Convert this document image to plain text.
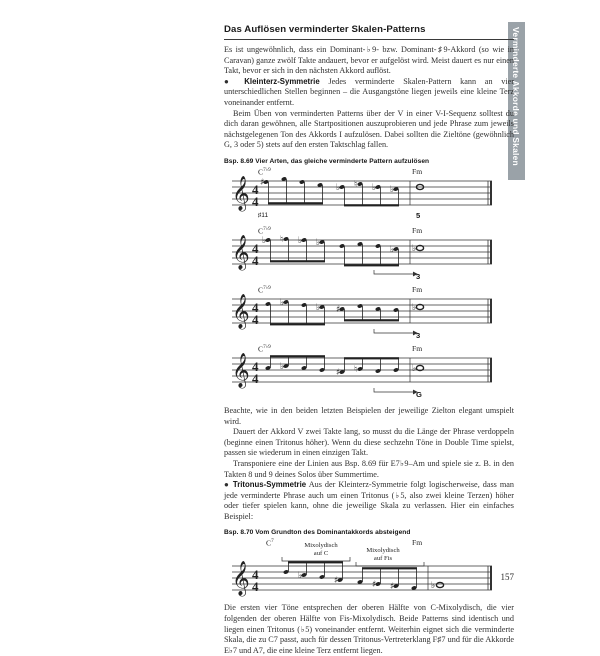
Verminderte Akkorde und Skalen
Das Auflösen verminderter Skalen-Patterns

Es ist ungewöhnlich, dass ein Dominant-♭9- bzw. Dominant-♯9-Akkord (so wie in Caravan) ganze zwölf Takte andauert, bevor er aufgelöst wird. Meist dauert es nur einen Takt, bevor er sich in den nächsten Akkord auflöst.

● Kleinterz-Symmetrie Jedes verminderte Skalen-Pattern kann an vier unterschiedlichen Stellen beginnen – die Ausgangstöne liegen jeweils eine kleine Terz voneinander entfernt.

Beim Üben von verminderten Patterns über der V in einer V-I-Sequenz solltest du dich daran gewöhnen, alle Startpositionen auszuprobieren und jede Phrase zum jeweils nächstgelegenen Ton des Akkords I aufzulösen. Dabei sollten die Zieltöne (gewöhnlich G, 3 oder 5) stets auf den ersten Taktschlag fallen.

Bsp. 8.69 Vier Arten, das gleiche verminderte Pattern aufzulösen
$C^{7♭9}$	Fm
♯11	5
𝄞 4
4
♯	♭ ♮ ♭ ♭
$C^{7♭9}$	Fm
3
𝄞 4
4
♭ ♮ ♭ ♭
♭ ♭
$C^{7♭9}$	Fm
3
𝄞 4
4
♭	♭ ♯	♭
$C^{7♭9}$	Fm
G
𝄞 4
4
♭
♯ ♮	♭

Beachte, wie in den beiden letzten Beispielen der jeweilige Zielton elegant umspielt wird.

Dauert der Akkord V zwei Takte lang, so musst du die Länge der Phrase verdoppeln (beginne einen Tritonus höher). Wenn du diese sechzehn Töne in Double Time spielst, passen sie wiederum in einen einzigen Takt.

Transponiere eine der Linien aus Bsp. 8.69 für E7♭9–Am und spiele sie z. B. in den Takten 8 und 9 deines Solos über Summertime.

● Tritonus-Symmetrie Aus der Kleinterz-Symmetrie folgt logischerweise, dass man jede verminderte Phrase auch um einen Tritonus (♭5, also zwei kleine Terzen) höher oder tiefer spielen kann, ohne die jeweilige Skala zu verlassen. Hier ein einfaches Beispiel:

Bsp. 8.70 Vom Grundton des Dominantakkords absteigend
$C^7$	Fm
Mixolydisch
auf C	Mixolydisch
auf Fis
𝄞 4
4
♭	♯	♯ ♯	♭

Die ersten vier Töne entsprechen der oberen Hälfte von C-Mixolydisch, die vier folgenden der oberen Hälfte von Fis-Mixolydisch. Beide Patterns sind identisch und liegen einen Tritonus (♭5) voneinander entfernt. Weiterhin eignet sich die verminderte Skala, die zu C7 passt, auch für dessen Tritonus-Vertreterklang F♯7 und für die Akkorde E♭7 und A7, die eine kleine Terz entfernt liegen.

157
